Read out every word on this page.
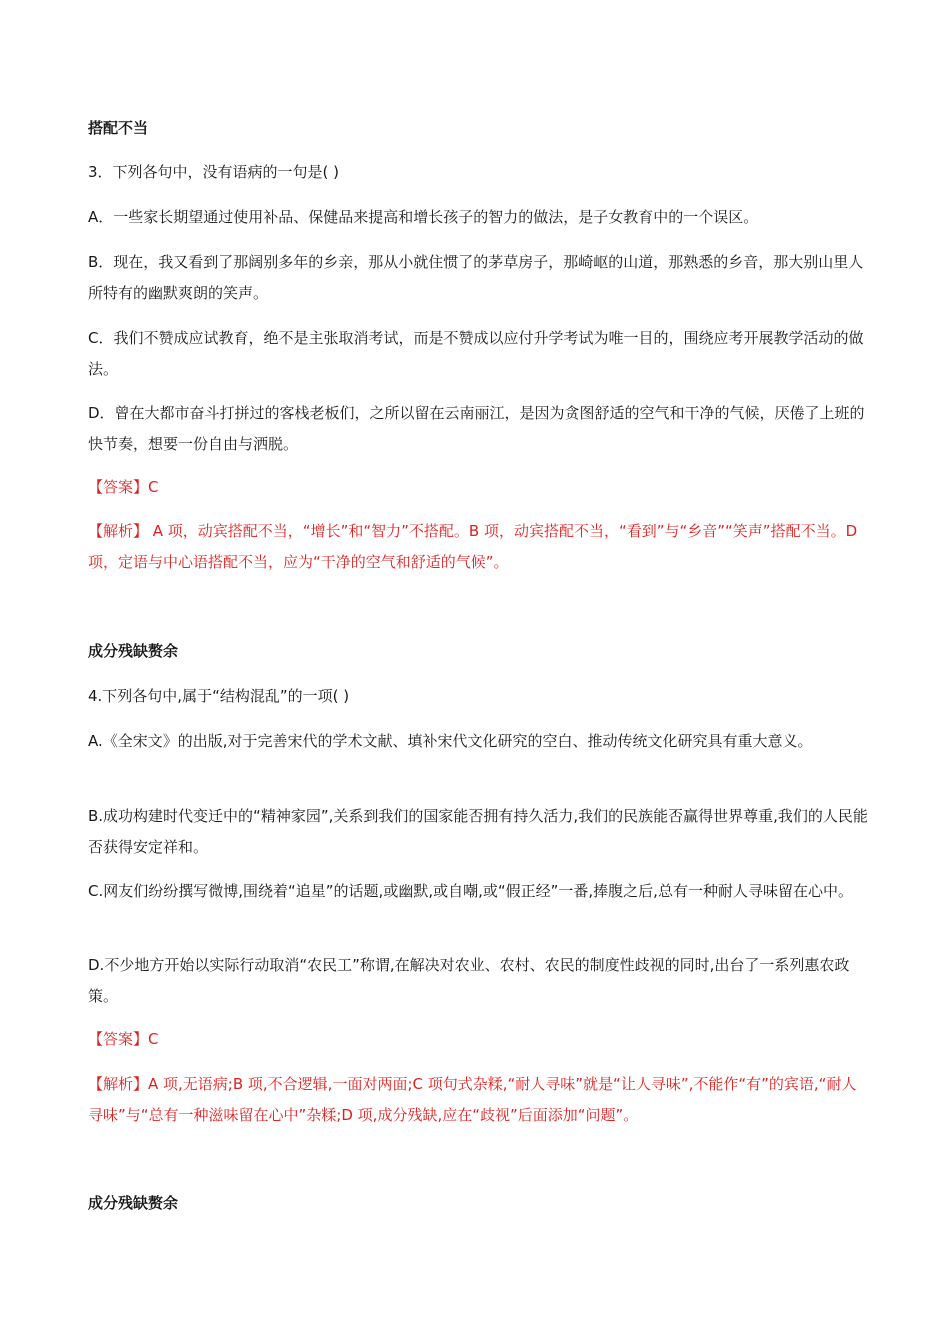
搭配不当

3．下列各句中，没有语病的一句是( )

A．一些家长期望通过使用补品、保健品来提高和增长孩子的智力的做法，是子女教育中的一个误区。

B．现在，我又看到了那阔别多年的乡亲，那从小就住惯了的茅草房子，那崎岖的山道，那熟悉的乡音，那大别山里人所特有的幽默爽朗的笑声。

C．我们不赞成应试教育，绝不是主张取消考试，而是不赞成以应付升学考试为唯一目的，围绕应考开展教学活动的做法。

D．曾在大都市奋斗打拼过的客栈老板们，之所以留在云南丽江，是因为贪图舒适的空气和干净的气候，厌倦了上班的快节奏，想要一份自由与洒脱。

【答案】C

【解析】 A 项，动宾搭配不当，“增长”和“智力”不搭配。B 项，动宾搭配不当，“看到”与“乡音”“笑声”搭配不当。D 项，定语与中心语搭配不当，应为“干净的空气和舒适的气候”。

成分残缺赘余

4.下列各句中,属于“结构混乱”的一项( )

A.《全宋文》的出版,对于完善宋代的学术文献、填补宋代文化研究的空白、推动传统文化研究具有重大意义。

B.成功构建时代变迁中的“精神家园”,关系到我们的国家能否拥有持久活力,我们的民族能否赢得世界尊重,我们的人民能否获得安定祥和。

C.网友们纷纷撰写微博,围绕着“追星”的话题,或幽默,或自嘲,或“假正经”一番,捧腹之后,总有一种耐人寻味留在心中。

D.不少地方开始以实际行动取消“农民工”称谓,在解决对农业、农村、农民的制度性歧视的同时,出台了一系列惠农政策。

【答案】C

【解析】A 项,无语病;B 项,不合逻辑,一面对两面;C 项句式杂糅,“耐人寻味”就是“让人寻味”,不能作“有”的宾语,“耐人寻味”与“总有一种滋味留在心中”杂糅;D 项,成分残缺,应在“歧视”后面添加“问题”。

成分残缺赘余
